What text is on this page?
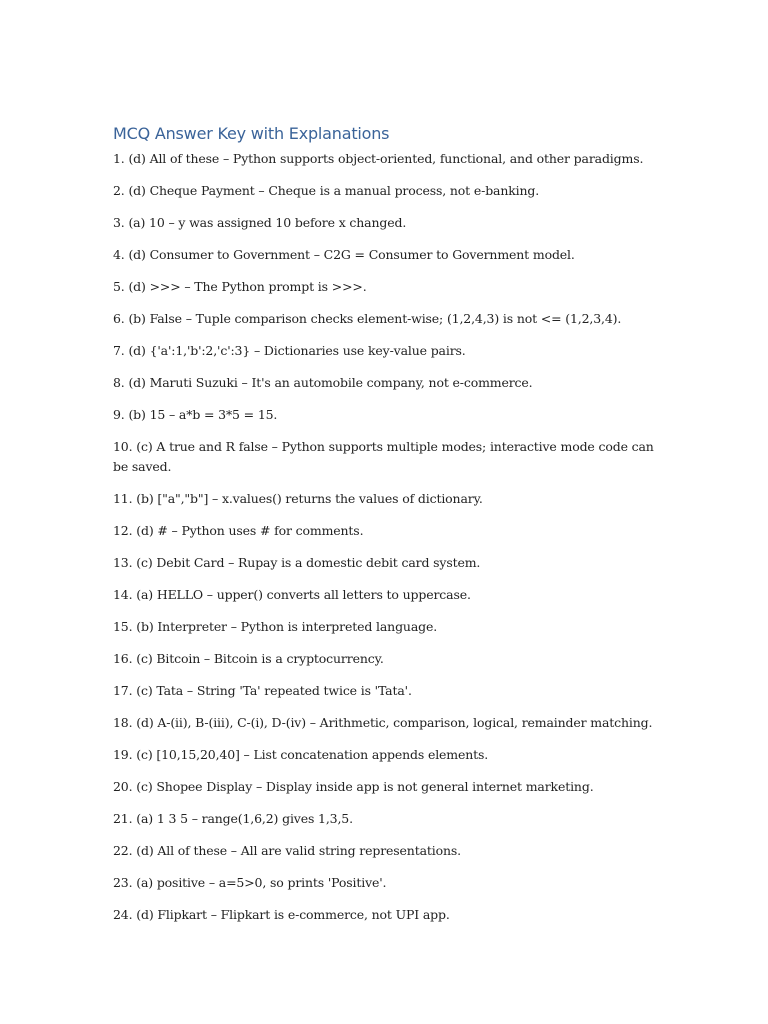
MCQ Answer Key with Explanations
1. (d) All of these – Python supports object-oriented, functional, and other paradigms.
2. (d) Cheque Payment – Cheque is a manual process, not e-banking.
3. (a) 10 – y was assigned 10 before x changed.
4. (d) Consumer to Government – C2G = Consumer to Government model.
5. (d) >>> – The Python prompt is >>>.
6. (b) False – Tuple comparison checks element-wise; (1,2,4,3) is not <= (1,2,3,4).
7. (d) {'a':1,'b':2,'c':3} – Dictionaries use key-value pairs.
8. (d) Maruti Suzuki – It's an automobile company, not e-commerce.
9. (b) 15 – a*b = 3*5 = 15.
10. (c) A true and R false – Python supports multiple modes; interactive mode code can be saved.
11. (b) ["a","b"] – x.values() returns the values of dictionary.
12. (d) # – Python uses # for comments.
13. (c) Debit Card – Rupay is a domestic debit card system.
14. (a) HELLO – upper() converts all letters to uppercase.
15. (b) Interpreter – Python is interpreted language.
16. (c) Bitcoin – Bitcoin is a cryptocurrency.
17. (c) Tata – String 'Ta' repeated twice is 'Tata'.
18. (d) A-(ii), B-(iii), C-(i), D-(iv) – Arithmetic, comparison, logical, remainder matching.
19. (c) [10,15,20,40] – List concatenation appends elements.
20. (c) Shopee Display – Display inside app is not general internet marketing.
21. (a) 1 3 5 – range(1,6,2) gives 1,3,5.
22. (d) All of these – All are valid string representations.
23. (a) positive – a=5>0, so prints 'Positive'.
24. (d) Flipkart – Flipkart is e-commerce, not UPI app.
